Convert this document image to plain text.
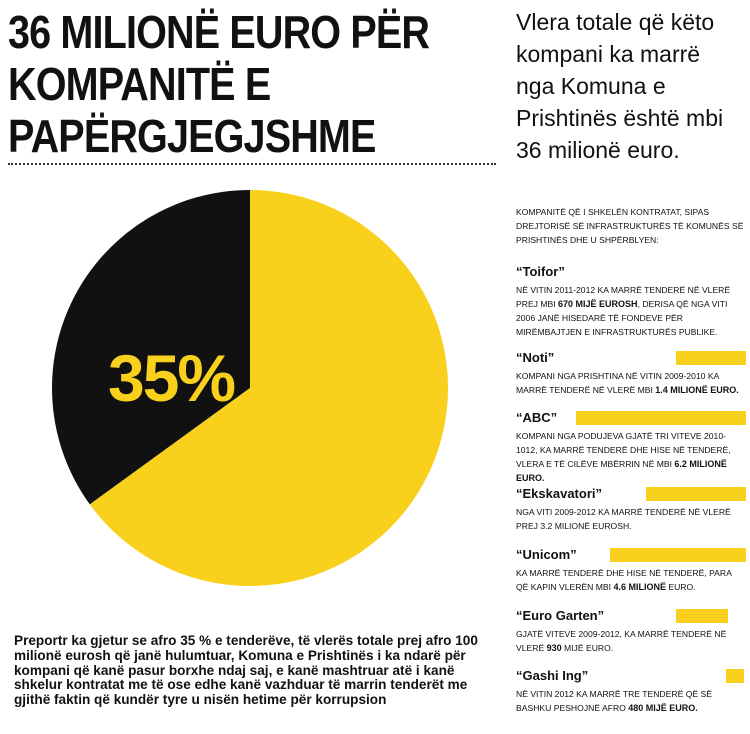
36 MILIONË EURO PËR
KOMPANITË E
PAPËRGJEGJSHME
35%

Preportr ka gjetur se afro 35 % e tenderëve, të vlerës totale prej afro 100 milionë eurosh që janë hulumtuar, Komuna e Prishtinës i ka ndarë për kompani që kanë pasur borxhe ndaj saj, e kanë mashtruar atë i kanë shkelur kontratat me të ose edhe kanë vazhduar të marrin tenderët me gjithë faktin që kundër tyre u nisën hetime për korrupsion

Vlera totale që këto
kompani ka marrë
nga Komuna e
Prishtinës është mbi
36 milionë euro.

KOMPANITË QË I SHKELËN KONTRATAT, SIPAS DREJTORISË SË INFRASTRUKTURËS TË KOMUNËS SË PRISHTINËS DHE U SHPËRBLYEN:

“Toifor”

NË VITIN 2011-2012 KA MARRË TENDERË NË VLERË PREJ MBI 670 MIJË EUROSH, DERISA QË NGA VITI 2006 JANË HISEDARË TË FONDEVE PËR MIRËMBAJTJEN E INFRASTRUKTURËS PUBLIKE.

“Noti”

KOMPANI NGA PRISHTINA NË VITIN 2009-2010 KA MARRË TENDERË NË VLERË MBI 1.4 MILIONË EURO.

“ABC”

KOMPANI NGA PODUJEVA GJATË TRI VITEVE 2010-1012, KA MARRË TENDERË DHE HISE NË TENDERË, VLERA E TË CILËVE MBËRRIN NË MBI 6.2 MILIONË EURO.

“Ekskavatori”

NGA VITI 2009-2012 KA MARRË TENDERË NË VLERË PREJ 3.2 MILIONË EUROSH.

“Unicom”

KA MARRË TENDERË DHE HISE NË TENDERË, PARA QË KAPIN VLERËN MBI 4.6 MILIONË EURO.

“Euro Garten”

GJATË VITEVE 2009-2012, KA MARRË TENDERË NË VLERË 930 MIJË EURO.

“Gashi Ing”

NË VITIN 2012 KA MARRË TRE TENDERË QË SË BASHKU PESHOJNË AFRO 480 MIJË EURO.
